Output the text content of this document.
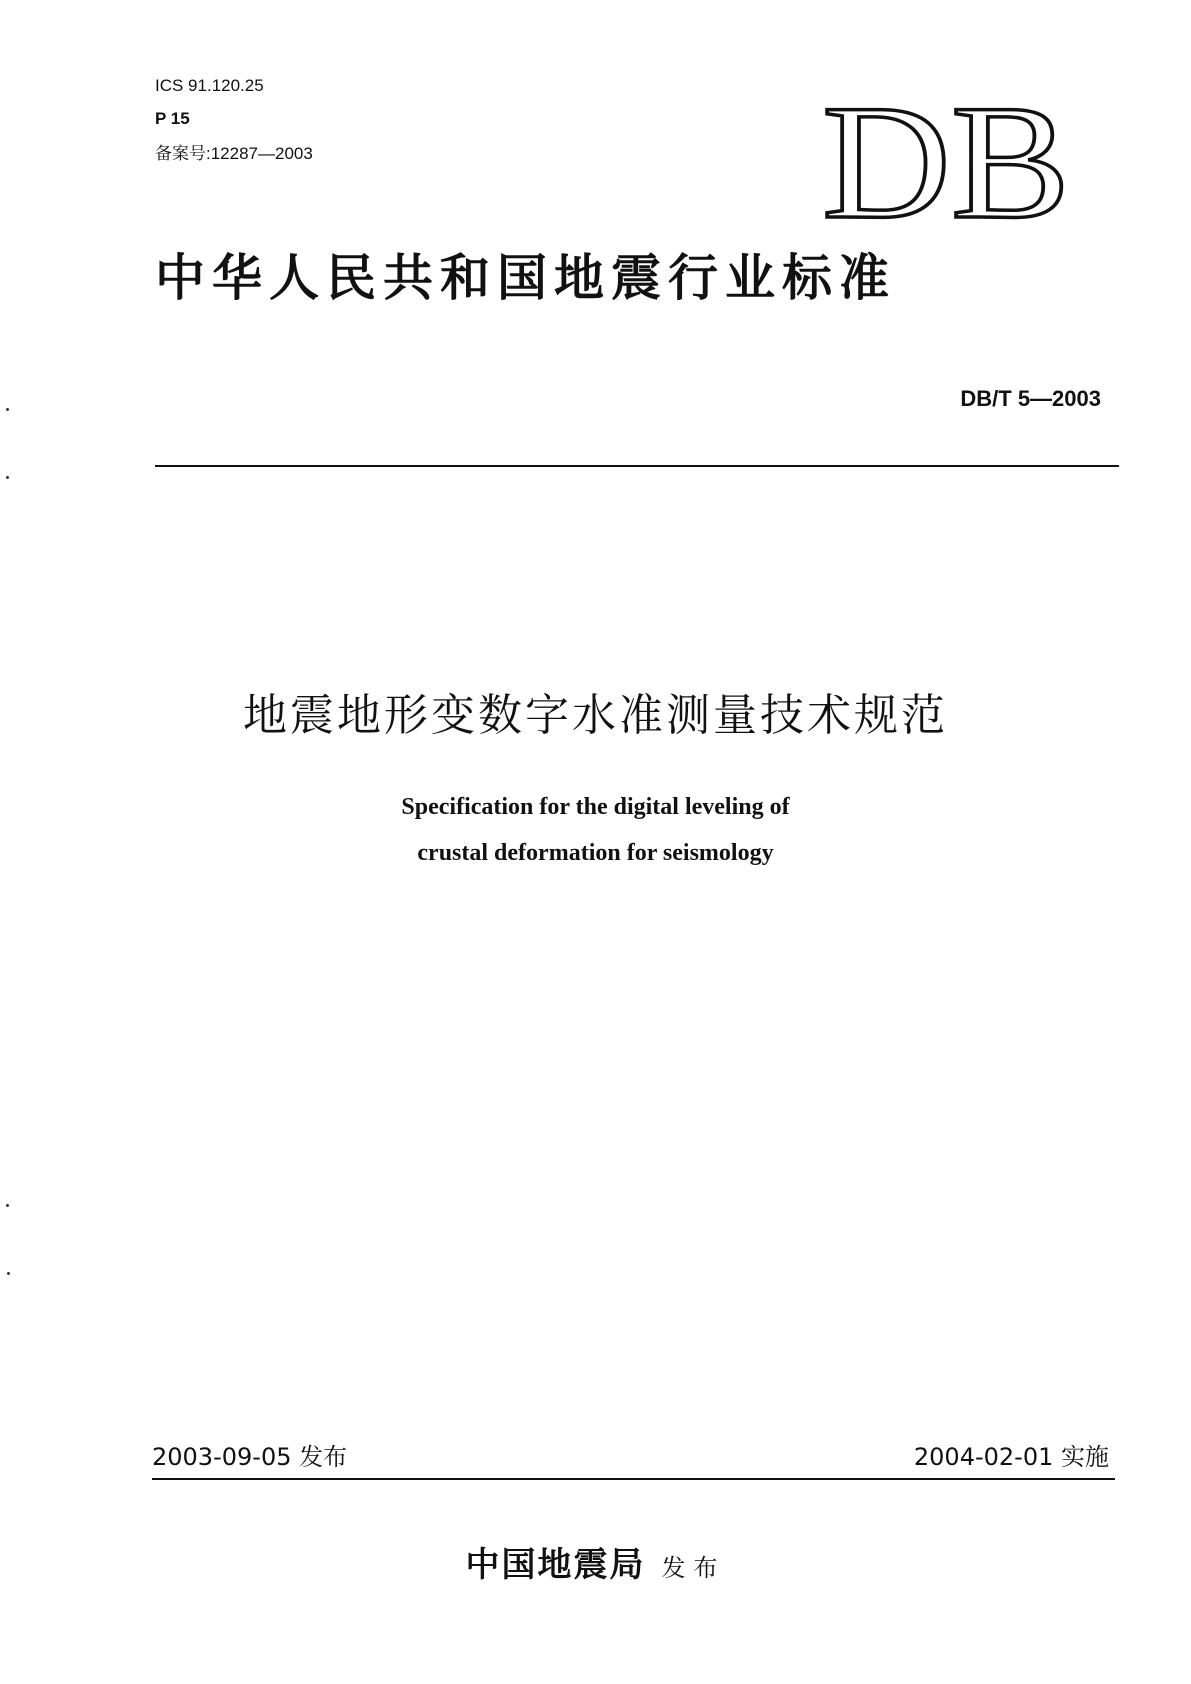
ICS 91.120.25
P 15
备案号:12287—2003	DB
中华人民共和国地震行业标准
DB/T 5—2003
地震地形变数字水准测量技术规范
Specification for the digital leveling of
crustal deformation for seismology
2003-09-05 发布	2004-02-01 实施
中国地震局 发布
